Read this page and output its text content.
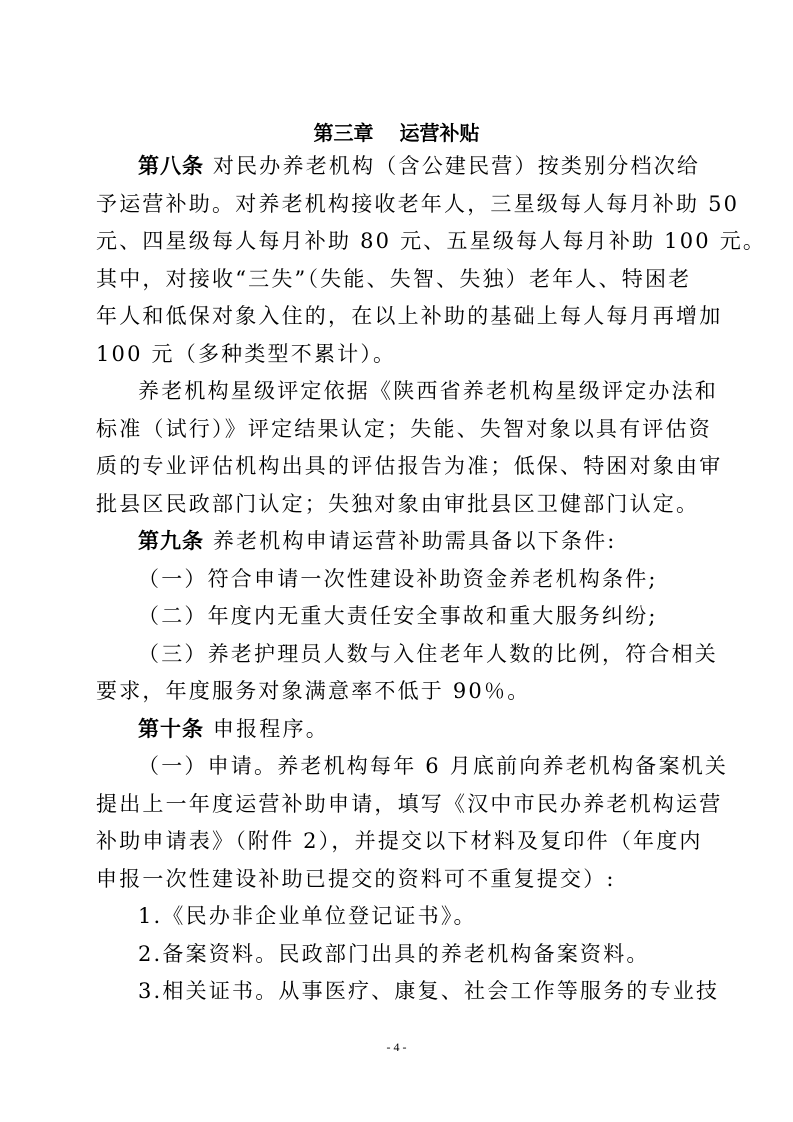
第三章 运营补贴
第八条 对民办养老机构（含公建民营）按类别分档次给
予运营补助。对养老机构接收老年人，三星级每人每月补助 50
元、四星级每人每月补助 80 元、五星级每人每月补助 100 元。
其中，对接收“三失”（失能、失智、失独）老年人、特困老
年人和低保对象入住的，在以上补助的基础上每人每月再增加
100 元（多种类型不累计）。
养老机构星级评定依据《陕西省养老机构星级评定办法和
标准（试行）》评定结果认定；失能、失智对象以具有评估资
质的专业评估机构出具的评估报告为准；低保、特困对象由审
批县区民政部门认定；失独对象由审批县区卫健部门认定。
第九条 养老机构申请运营补助需具备以下条件:
（一）符合申请一次性建设补助资金养老机构条件;
（二）年度内无重大责任安全事故和重大服务纠纷;
（三）养老护理员人数与入住老年人数的比例，符合相关
要求，年度服务对象满意率不低于 90％。
第十条 申报程序。
（一）申请。养老机构每年 6 月底前向养老机构备案机关
提出上一年度运营补助申请，填写《汉中市民办养老机构运营
补助申请表》（附件 2），并提交以下材料及复印件（年度内
申报一次性建设补助已提交的资料可不重复提交）:
1.《民办非企业单位登记证书》。
2.备案资料。民政部门出具的养老机构备案资料。
3.相关证书。从事医疗、康复、社会工作等服务的专业技
- 4 -
